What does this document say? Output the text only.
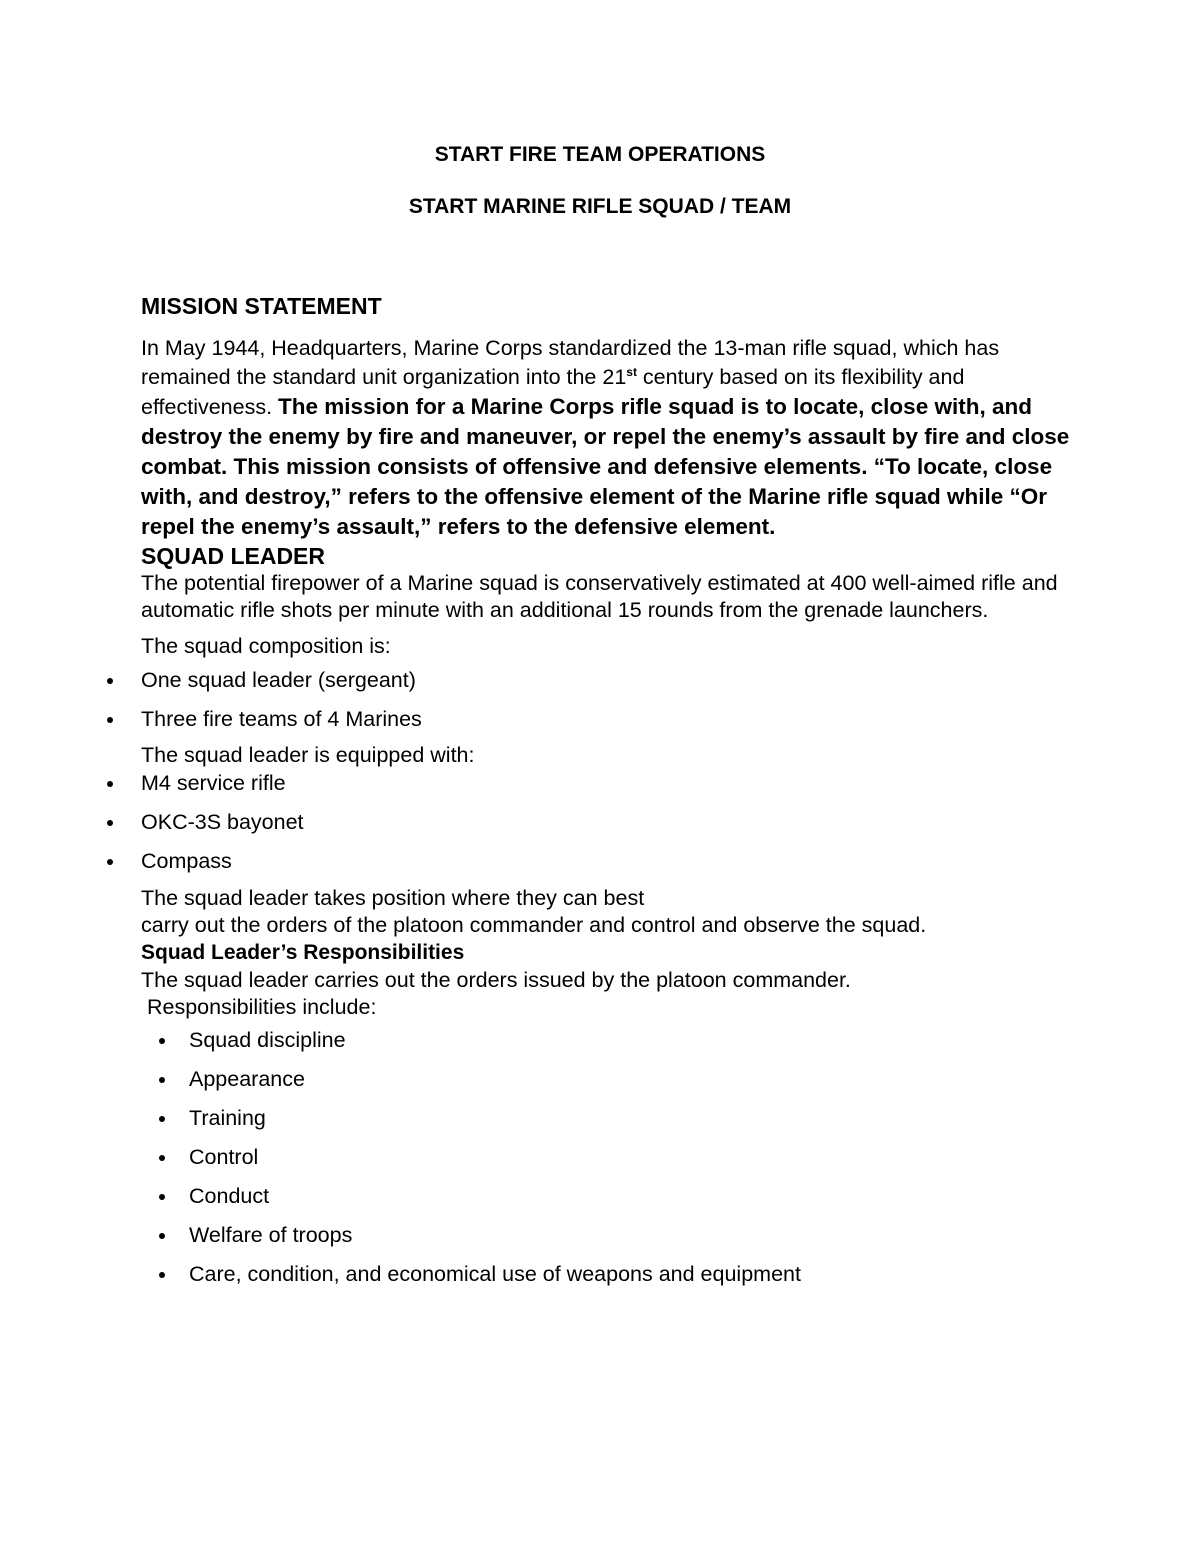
START FIRE TEAM OPERATIONS
START MARINE RIFLE SQUAD / TEAM
MISSION STATEMENT

In May 1944, Headquarters, Marine Corps standardized the 13-man rifle squad, which has remained the standard unit organization into the 21st century based on its flexibility and effectiveness. The mission for a Marine Corps rifle squad is to locate, close with, and destroy the enemy by fire and maneuver, or repel the enemy’s assault by fire and close combat. This mission consists of offensive and defensive elements. “To locate, close with, and destroy,” refers to the offensive element of the Marine rifle squad while “Or repel the enemy’s assault,” refers to the defensive element.

SQUAD LEADER

The potential firepower of a Marine squad is conservatively estimated at 400 well-aimed rifle and automatic rifle shots per minute with an additional 15 rounds from the grenade launchers.

The squad composition is:

One squad leader (sergeant)
Three fire teams of 4 Marines

The squad leader is equipped with:

M4 service rifle
OKC-3S bayonet
Compass

The squad leader takes position where they can best

carry out the orders of the platoon commander and control and observe the squad.

Squad Leader’s Responsibilities

The squad leader carries out the orders issued by the platoon commander.

Responsibilities include:

Squad discipline
Appearance
Training
Control
Conduct
Welfare of troops
Care, condition, and economical use of weapons and equipment
